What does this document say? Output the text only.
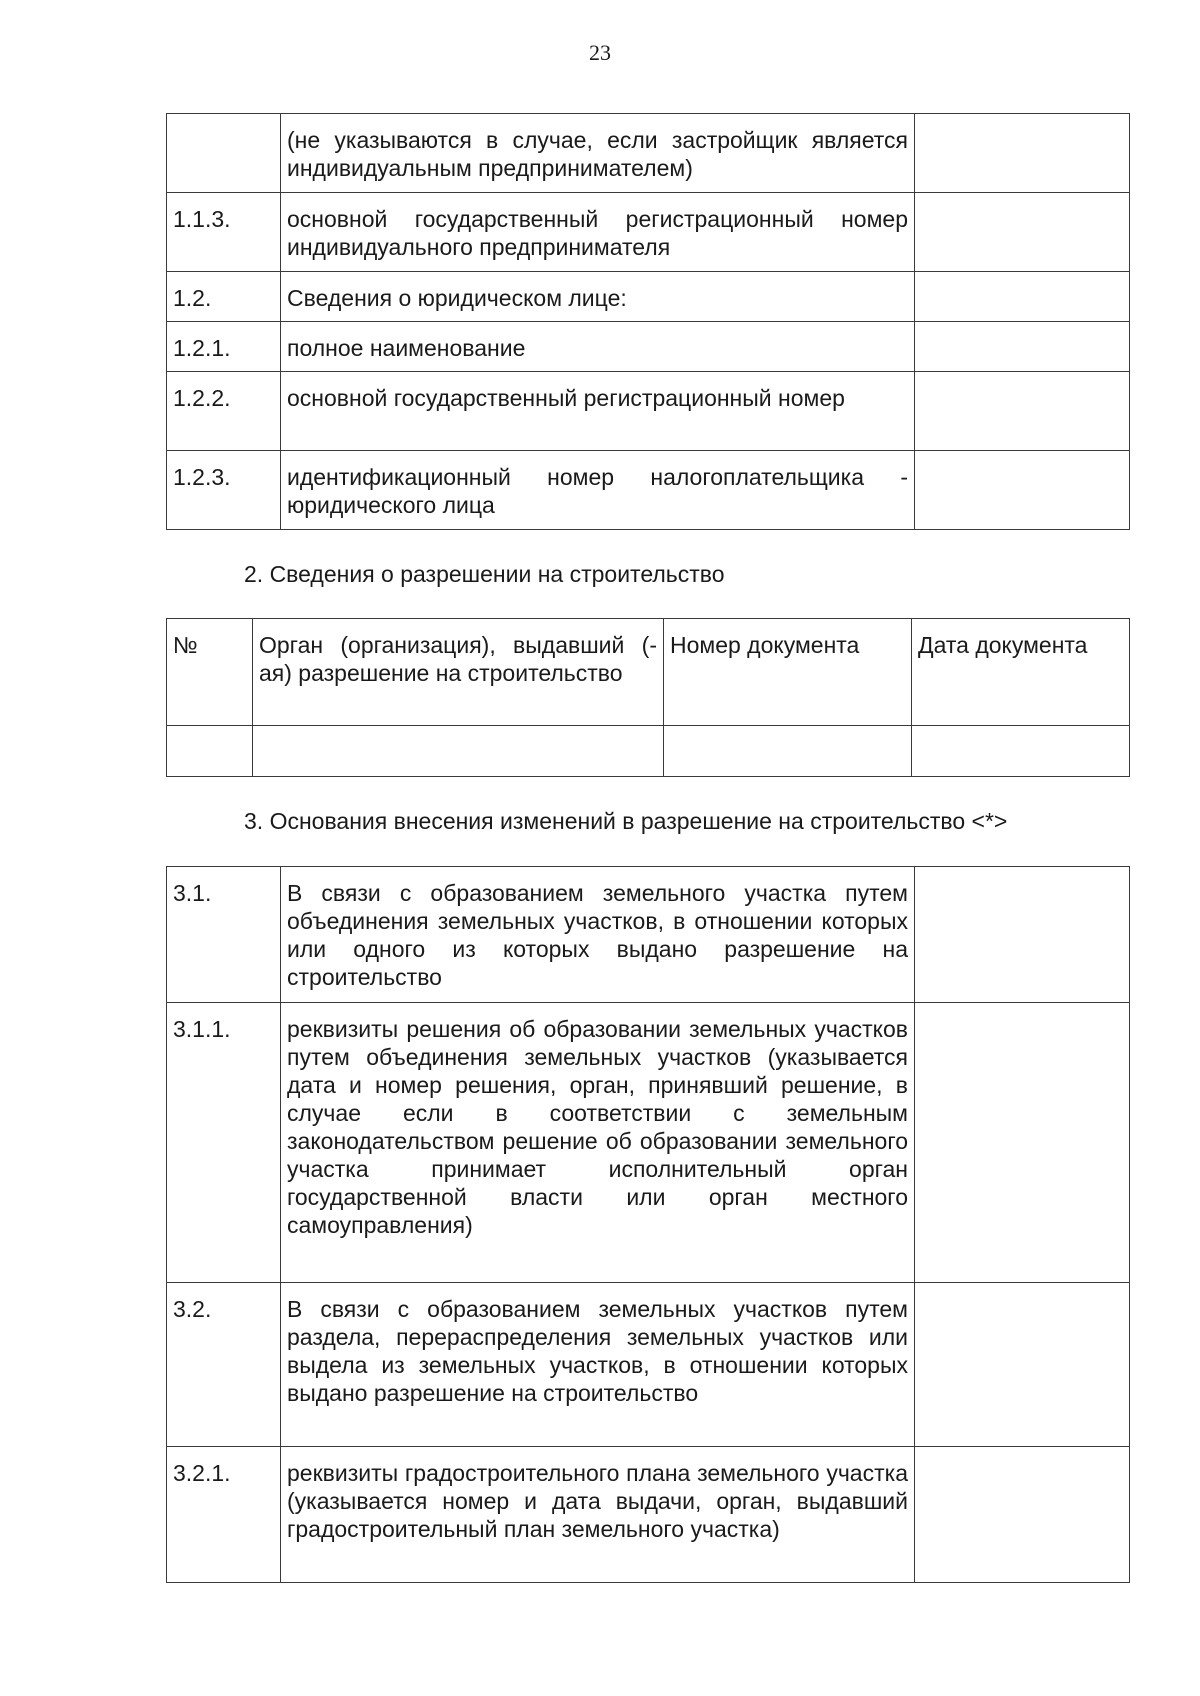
23
	(не указываются в случае, если застройщик является индивидуальным предпринимателем)	
1.1.3.	основной государственный регистрационный номер индивидуального предпринимателя	
1.2.	Сведения о юридическом лице:	
1.2.1.	полное наименование	
1.2.2.	основной государственный регистрационный номер	
1.2.3.	идентификационный номер налогоплательщика - юридического лица	
2. Сведения о разрешении на строительство
№	Орган (организация), выдавший (-ая) разрешение на строительство	Номер документа	Дата документа

3. Основания внесения изменений в разрешение на строительство <*>
3.1.	В связи с образованием земельного участка путем объединения земельных участков, в отношении которых или одного из которых выдано разрешение на строительство	
3.1.1.	реквизиты решения об образовании земельных участков путем объединения земельных участков (указывается дата и номер решения, орган, принявший решение, в случае если в соответствии с земельным законодательством решение об образовании земельного участка принимает исполнительный орган государственной власти или орган местного самоуправления)	
3.2.	В связи с образованием земельных участков путем раздела, перераспределения земельных участков или выдела из земельных участков, в отношении которых выдано разрешение на строительство	
3.2.1.	реквизиты градостроительного плана земельного участка (указывается номер и дата выдачи, орган, выдавший градостроительный план земельного участка)	
